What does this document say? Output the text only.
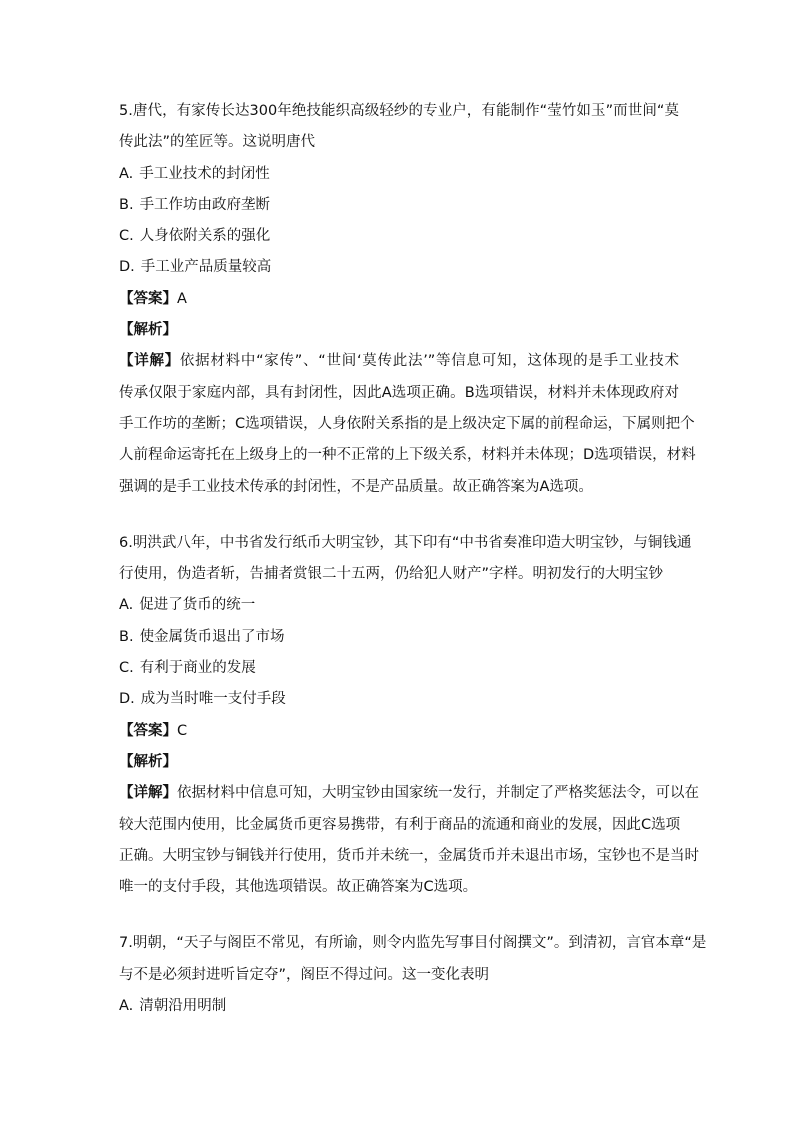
5.唐代，有家传长达300年绝技能织高级轻纱的专业户，有能制作“莹竹如玉”而世间“莫
传此法”的笙匠等。这说明唐代
A. 手工业技术的封闭性
B. 手工作坊由政府垄断
C. 人身依附关系的强化
D. 手工业产品质量较高
【答案】A
【解析】
【详解】依据材料中“家传”、“世间‘莫传此法’”等信息可知，这体现的是手工业技术
传承仅限于家庭内部，具有封闭性，因此A选项正确。B选项错误，材料并未体现政府对
手工作坊的垄断；C选项错误，人身依附关系指的是上级决定下属的前程命运，下属则把个
人前程命运寄托在上级身上的一种不正常的上下级关系，材料并未体现；D选项错误，材料
强调的是手工业技术传承的封闭性，不是产品质量。故正确答案为A选项。
6.明洪武八年，中书省发行纸币大明宝钞，其下印有“中书省奏准印造大明宝钞，与铜钱通
行使用，伪造者斩，告捕者赏银二十五两，仍给犯人财产”字样。明初发行的大明宝钞
A. 促进了货币的统一
B. 使金属货币退出了市场
C. 有利于商业的发展
D. 成为当时唯一支付手段
【答案】C
【解析】
【详解】依据材料中信息可知，大明宝钞由国家统一发行，并制定了严格奖惩法令，可以在
较大范围内使用，比金属货币更容易携带，有利于商品的流通和商业的发展，因此C选项
正确。大明宝钞与铜钱并行使用，货币并未统一，金属货币并未退出市场，宝钞也不是当时
唯一的支付手段，其他选项错误。故正确答案为C选项。
7.明朝，“天子与阁臣不常见，有所谕，则令内监先写事目付阁撰文”。到清初，言官本章“是
与不是必须封进听旨定夺”，阁臣不得过问。这一变化表明
A. 清朝沿用明制
